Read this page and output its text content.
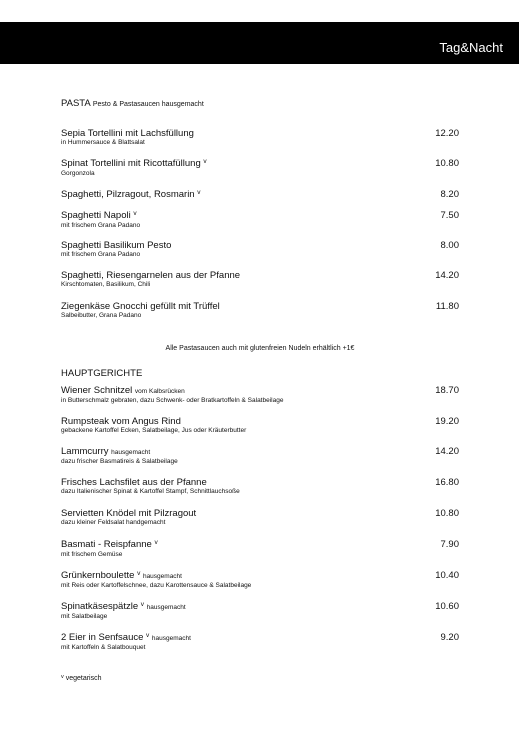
Tag&Nacht
PASTA Pesto & Pastasaucen hausgemacht
Sepia Tortellini mit Lachsfüllung
in Hummersauce & Blattsalat
12.20
Spinat Tortellini mit Ricottafüllung $^v$
Gorgonzola
10.80
Spaghetti, Pilzragout, Rosmarin $^v$	8.20
Spaghetti Napoli $^v$
mit frischem Grana Padano
7.50
Spaghetti Basilikum Pesto
mit frischem Grana Padano
8.00
Spaghetti, Riesengarnelen aus der Pfanne
Kirschtomaten, Basilikum, Chili
14.20
Ziegenkäse Gnocchi gefüllt mit Trüffel
Salbeibutter, Grana Padano
11.80
Alle Pastasaucen auch mit glutenfreien Nudeln erhältlich +1€
HAUPTGERICHTE
Wiener Schnitzel vom Kalbsrücken
in Butterschmalz gebraten, dazu Schwenk- oder Bratkartoffeln & Salatbeilage
18.70
Rumpsteak vom Angus Rind
gebackene Kartoffel Ecken, Salatbeilage, Jus oder Kräuterbutter
19.20
Lammcurry hausgemacht
dazu frischer Basmatireis & Salatbeilage
14.20
Frisches Lachsfilet aus der Pfanne
dazu Italienischer Spinat & Kartoffel Stampf, Schnittlauchsoße
16.80
Servietten Knödel mit Pilzragout
dazu kleiner Feldsalat handgemacht
10.80
Basmati - Reispfanne $^v$
mit frischem Gemüse
7.90
Grünkernboulette $^v$ hausgemacht
mit Reis oder Kartoffelschnee, dazu Karottensauce & Salatbeilage
10.40
Spinatkäsespätzle $^v$ hausgemacht
mit Salatbeilage
10.60
2 Eier in Senfsauce $^v$ hausgemacht
mit Kartoffeln & Salatbouquet
9.20
$^v$ vegetarisch
